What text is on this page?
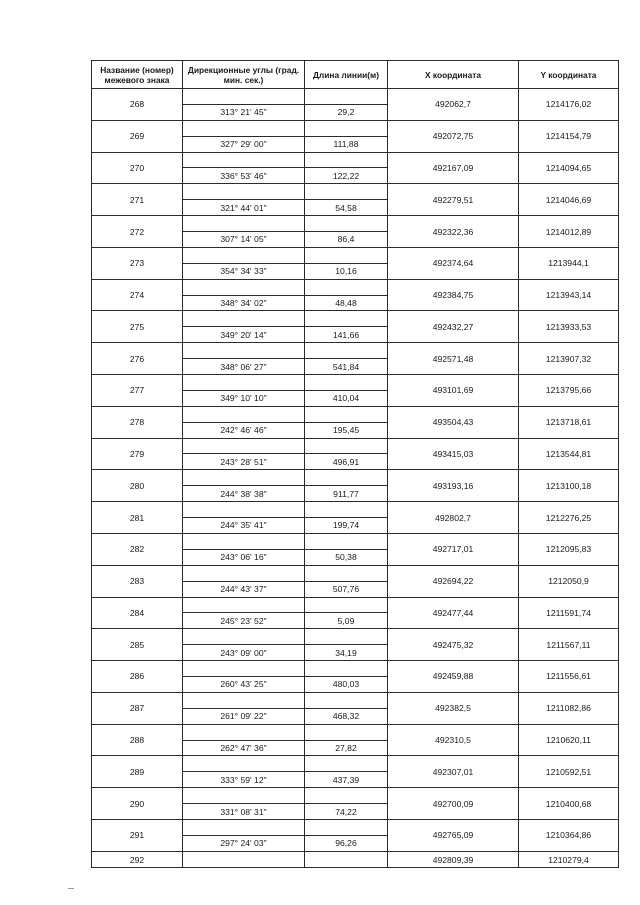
Название (номер) межевого знака	Дирекционные углы (град. мин. сек.)	Длина линии(м)	X координата	Y координата
268			492062,7	1214176,02
	313° 21' 45"	29,2		
269			492072,75	1214154,79
	327° 29' 00"	111,88		
270			492167,09	1214094,65
	336° 53' 46"	122,22		
271			492279,51	1214046,69
	321° 44' 01"	54,58		
272			492322,36	1214012,89
	307° 14' 05"	86,4		
273			492374,64	1213944,1
	354° 34' 33"	10,16		
274			492384,75	1213943,14
	348° 34' 02"	48,48		
275			492432,27	1213933,53
	349° 20' 14"	141,66		
276			492571,48	1213907,32
	348° 06' 27"	541,84		
277			493101,69	1213795,66
	349° 10' 10"	410,04		
278			493504,43	1213718,61
	242° 46' 46"	195,45		
279			493415,03	1213544,81
	243° 28' 51"	496,91		
280			493193,16	1213100,18
	244° 38' 38"	911,77		
281			492802,7	1212276,25
	244° 35' 41"	199,74		
282			492717,01	1212095,83
	243° 06' 16"	50,38		
283			492694,22	1212050,9
	244° 43' 37"	507,76		
284			492477,44	1211591,74
	245° 23' 52"	5,09		
285			492475,32	1211567,11
	243° 09' 00"	34,19		
286			492459,88	1211556,61
	260° 43' 25"	480,03		
287			492382,5	1211082,86
	261° 09' 22"	468,32		
288			492310,5	1210620,11
	262° 47' 36"	27,82		
289			492307,01	1210592,51
	333° 59' 12"	437,39		
290			492700,09	1210400,68
	331° 08' 31"	74,22		
291			492765,09	1210364,86
	297° 24' 03"	96,26		
292			492809,39	1210279,4
